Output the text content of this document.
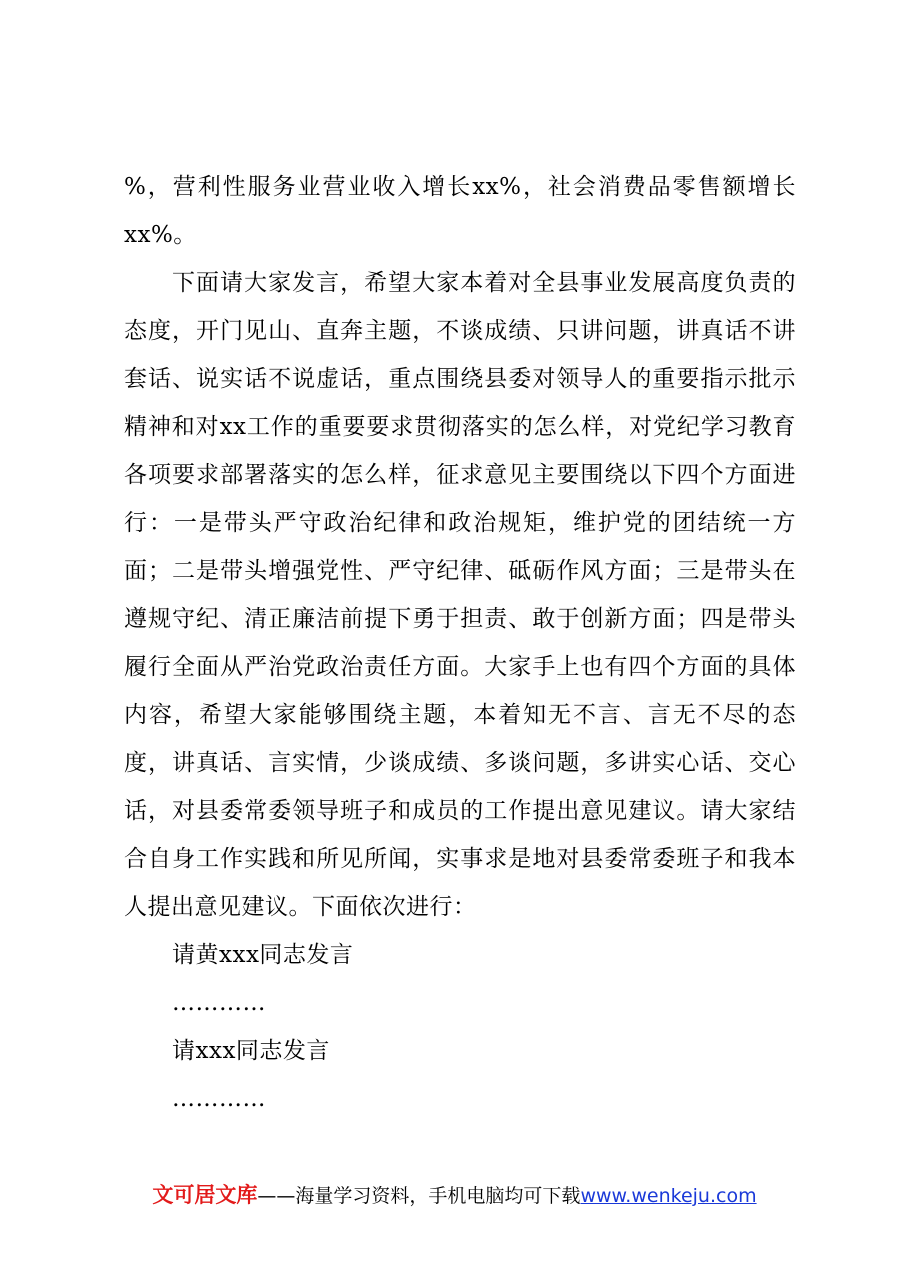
%，营利性服务业营业收入增长xx%，社会消费品零售额增长xx%。

下面请大家发言，希望大家本着对全县事业发展高度负责的态度，开门见山、直奔主题，不谈成绩、只讲问题，讲真话不讲套话、说实话不说虚话，重点围绕县委对领导人的重要指示批示精神和对xx工作的重要要求贯彻落实的怎么样，对党纪学习教育各项要求部署落实的怎么样，征求意见主要围绕以下四个方面进行：一是带头严守政治纪律和政治规矩，维护党的团结统一方面；二是带头增强党性、严守纪律、砥砺作风方面；三是带头在遵规守纪、清正廉洁前提下勇于担责、敢于创新方面；四是带头履行全面从严治党政治责任方面。大家手上也有四个方面的具体内容，希望大家能够围绕主题，本着知无不言、言无不尽的态度，讲真话、言实情，少谈成绩、多谈问题，多讲实心话、交心话，对县委常委领导班子和成员的工作提出意见建议。请大家结合自身工作实践和所见所闻，实事求是地对县委常委班子和我本人提出意见建议。下面依次进行：

请黄xxx同志发言

…………

请xxx同志发言

…………

文可居文库——海量学习资料，手机电脑均可下载www.wenkeju.com
